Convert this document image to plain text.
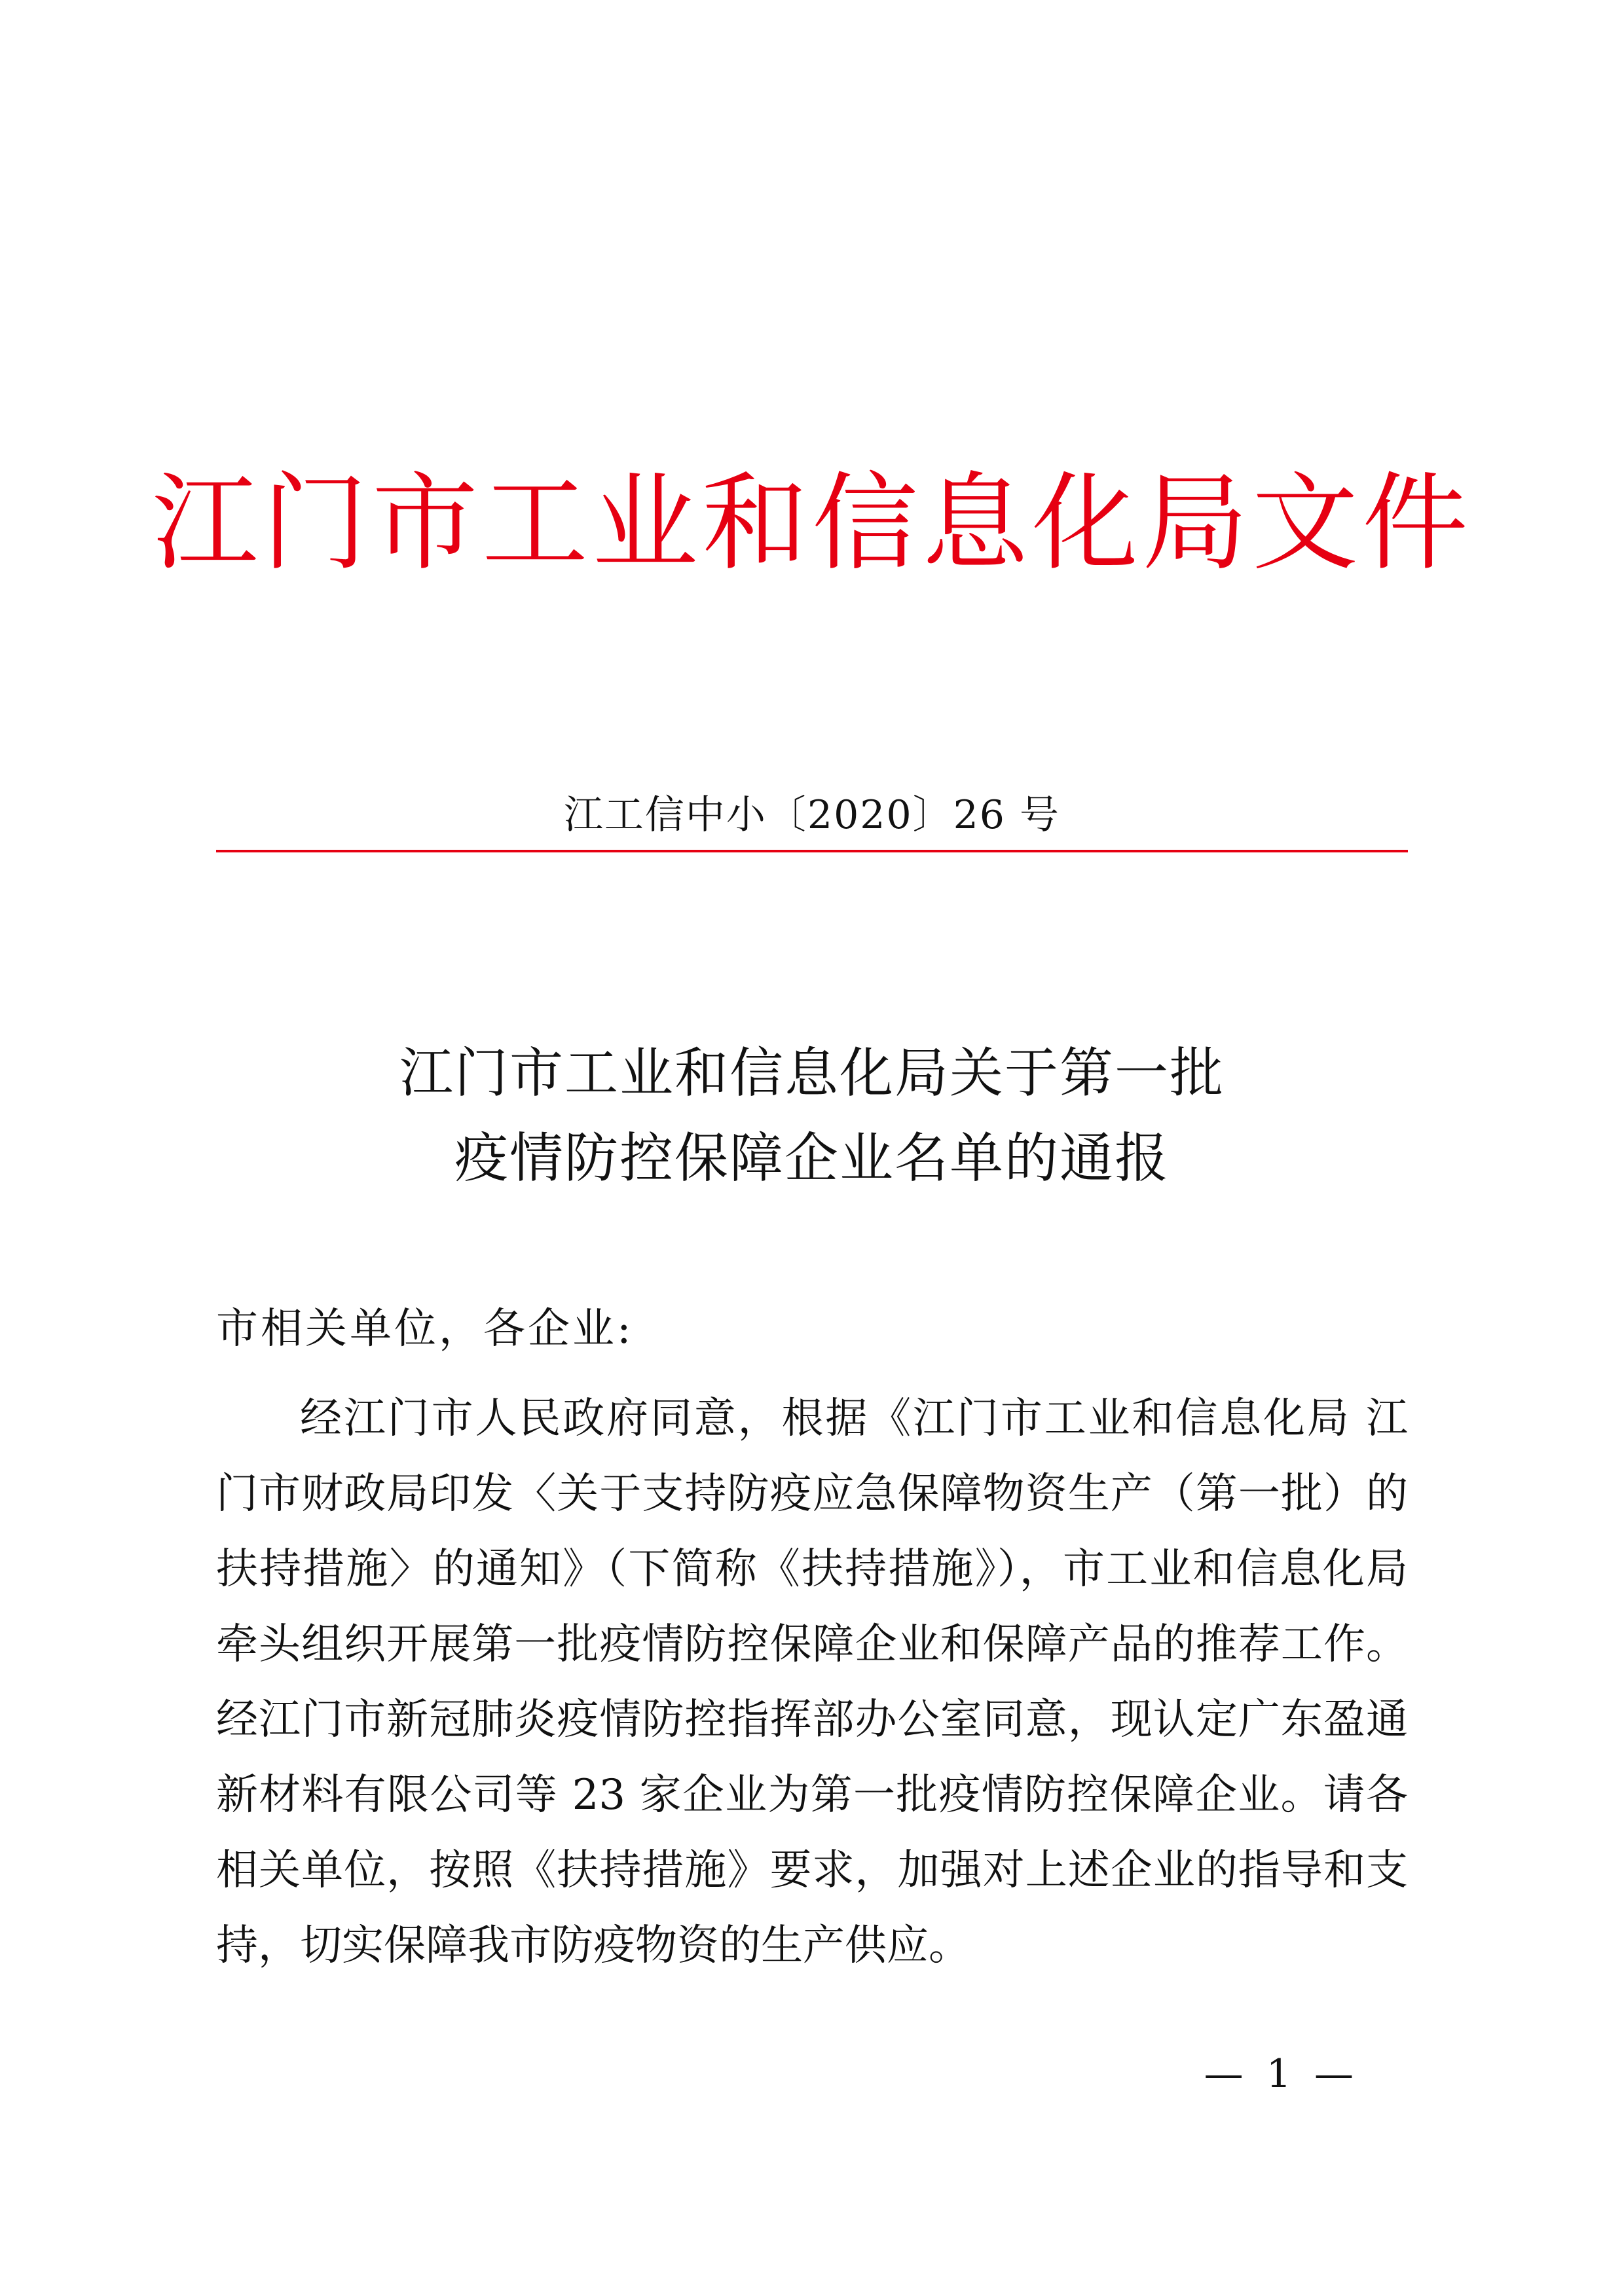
江门市工业和信息化局文件
江工信中小〔2020〕26 号
江门市工业和信息化局关于第一批
疫情防控保障企业名单的通报
市相关单位，各企业:
经江门市人民政府同意，根据《江门市工业和信息化局 江
门市财政局印发〈关于支持防疫应急保障物资生产（第一批）的
扶持措施〉的通知》（下简称《扶持措施》），市工业和信息化局
牵头组织开展第一批疫情防控保障企业和保障产品的推荐工作。
经江门市新冠肺炎疫情防控指挥部办公室同意，现认定广东盈通
新材料有限公司等 23 家企业为第一批疫情防控保障企业。请各
相关单位，按照《扶持措施》要求，加强对上述企业的指导和支
持，切实保障我市防疫物资的生产供应。
— 1 —
